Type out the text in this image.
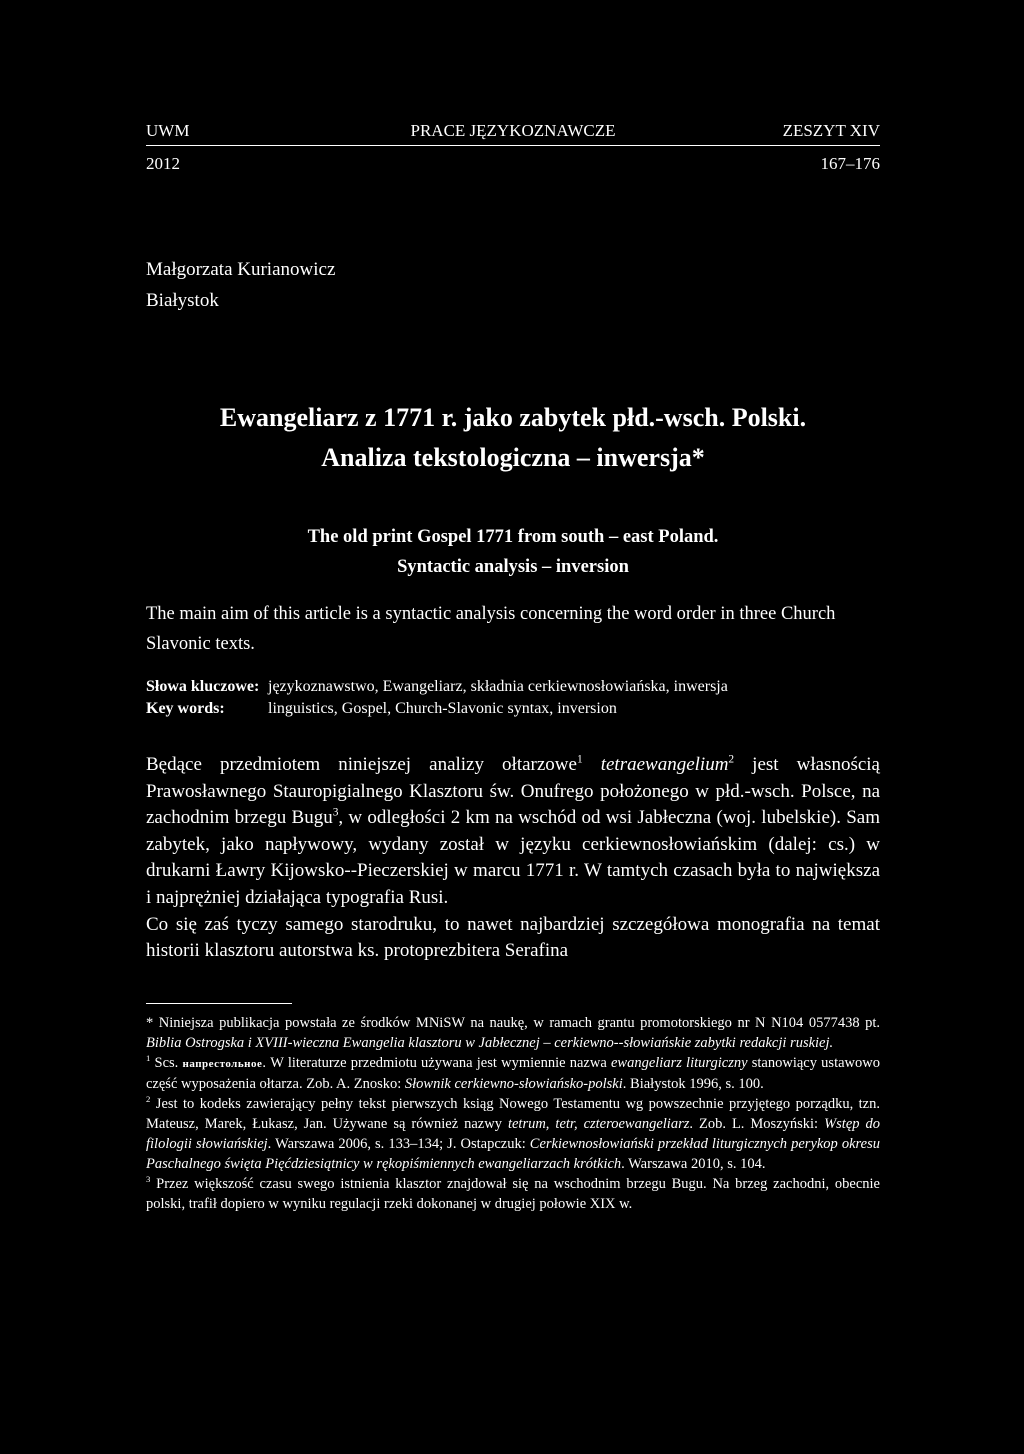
UWM	PRACE JĘZYKOZNAWCZE	ZESZYT XIV
2012	167–176
Małgorzata Kurianowicz
Białystok
Ewangeliarz z 1771 r. jako zabytek płd.-wsch. Polski.
Analiza tekstologiczna – inwersja*
The old print Gospel 1771 from south – east Poland.
Syntactic analysis – inversion
The main aim of this article is a syntactic analysis concerning the word order in three Church Slavonic texts.
Słowa kluczowe: językoznawstwo, Ewangeliarz, składnia cerkiewnosłowiańska, inwersja
Key words:	linguistics, Gospel, Church-Slavonic syntax, inversion

Będące przedmiotem niniejszej analizy ołtarzowe$^1$ tetraewangelium$^2$ jest własnością Prawosławnego Stauropigialnego Klasztoru św. Onufrego położonego w płd.-wsch. Polsce, na zachodnim brzegu Bugu$^3$, w odległości 2 km na wschód od wsi Jabłeczna (woj. lubelskie). Sam zabytek, jako napływowy, wydany został w języku cerkiewnosłowiańskim (dalej: cs.) w drukarni Ławry Kijowsko--Pieczerskiej w marcu 1771 r. W tamtych czasach była to największa i najprężniej działająca typografia Rusi.

Co się zaś tyczy samego starodruku, to nawet najbardziej szczegółowa monografia na temat historii klasztoru autorstwa ks. protoprezbitera Serafina

* Niniejsza publikacja powstała ze środków MNiSW na naukę, w ramach grantu promotorskiego nr N N104 0577438 pt. Biblia Ostrogska i XVIII-wieczna Ewangelia klasztoru w Jabłecznej – cerkiewno--słowiańskie zabytki redakcji ruskiej.

$^1$ Scs. напрестольное. W literaturze przedmiotu używana jest wymiennie nazwa ewangeliarz liturgiczny stanowiący ustawowo część wyposażenia ołtarza. Zob. A. Znosko: Słownik cerkiewno-słowiańsko-polski. Białystok 1996, s. 100.

$^2$ Jest to kodeks zawierający pełny tekst pierwszych ksiąg Nowego Testamentu wg powszechnie przyjętego porządku, tzn. Mateusz, Marek, Łukasz, Jan. Używane są również nazwy tetrum, tetr, czteroewangeliarz. Zob. L. Moszyński: Wstęp do filologii słowiańskiej. Warszawa 2006, s. 133–134; J. Ostapczuk: Cerkiewnosłowiański przekład liturgicznych perykop okresu Paschalnego święta Pięćdziesiątnicy w rękopiśmiennych ewangeliarzach krótkich. Warszawa 2010, s. 104.

$^3$ Przez większość czasu swego istnienia klasztor znajdował się na wschodnim brzegu Bugu. Na brzeg zachodni, obecnie polski, trafił dopiero w wyniku regulacji rzeki dokonanej w drugiej połowie XIX w.
